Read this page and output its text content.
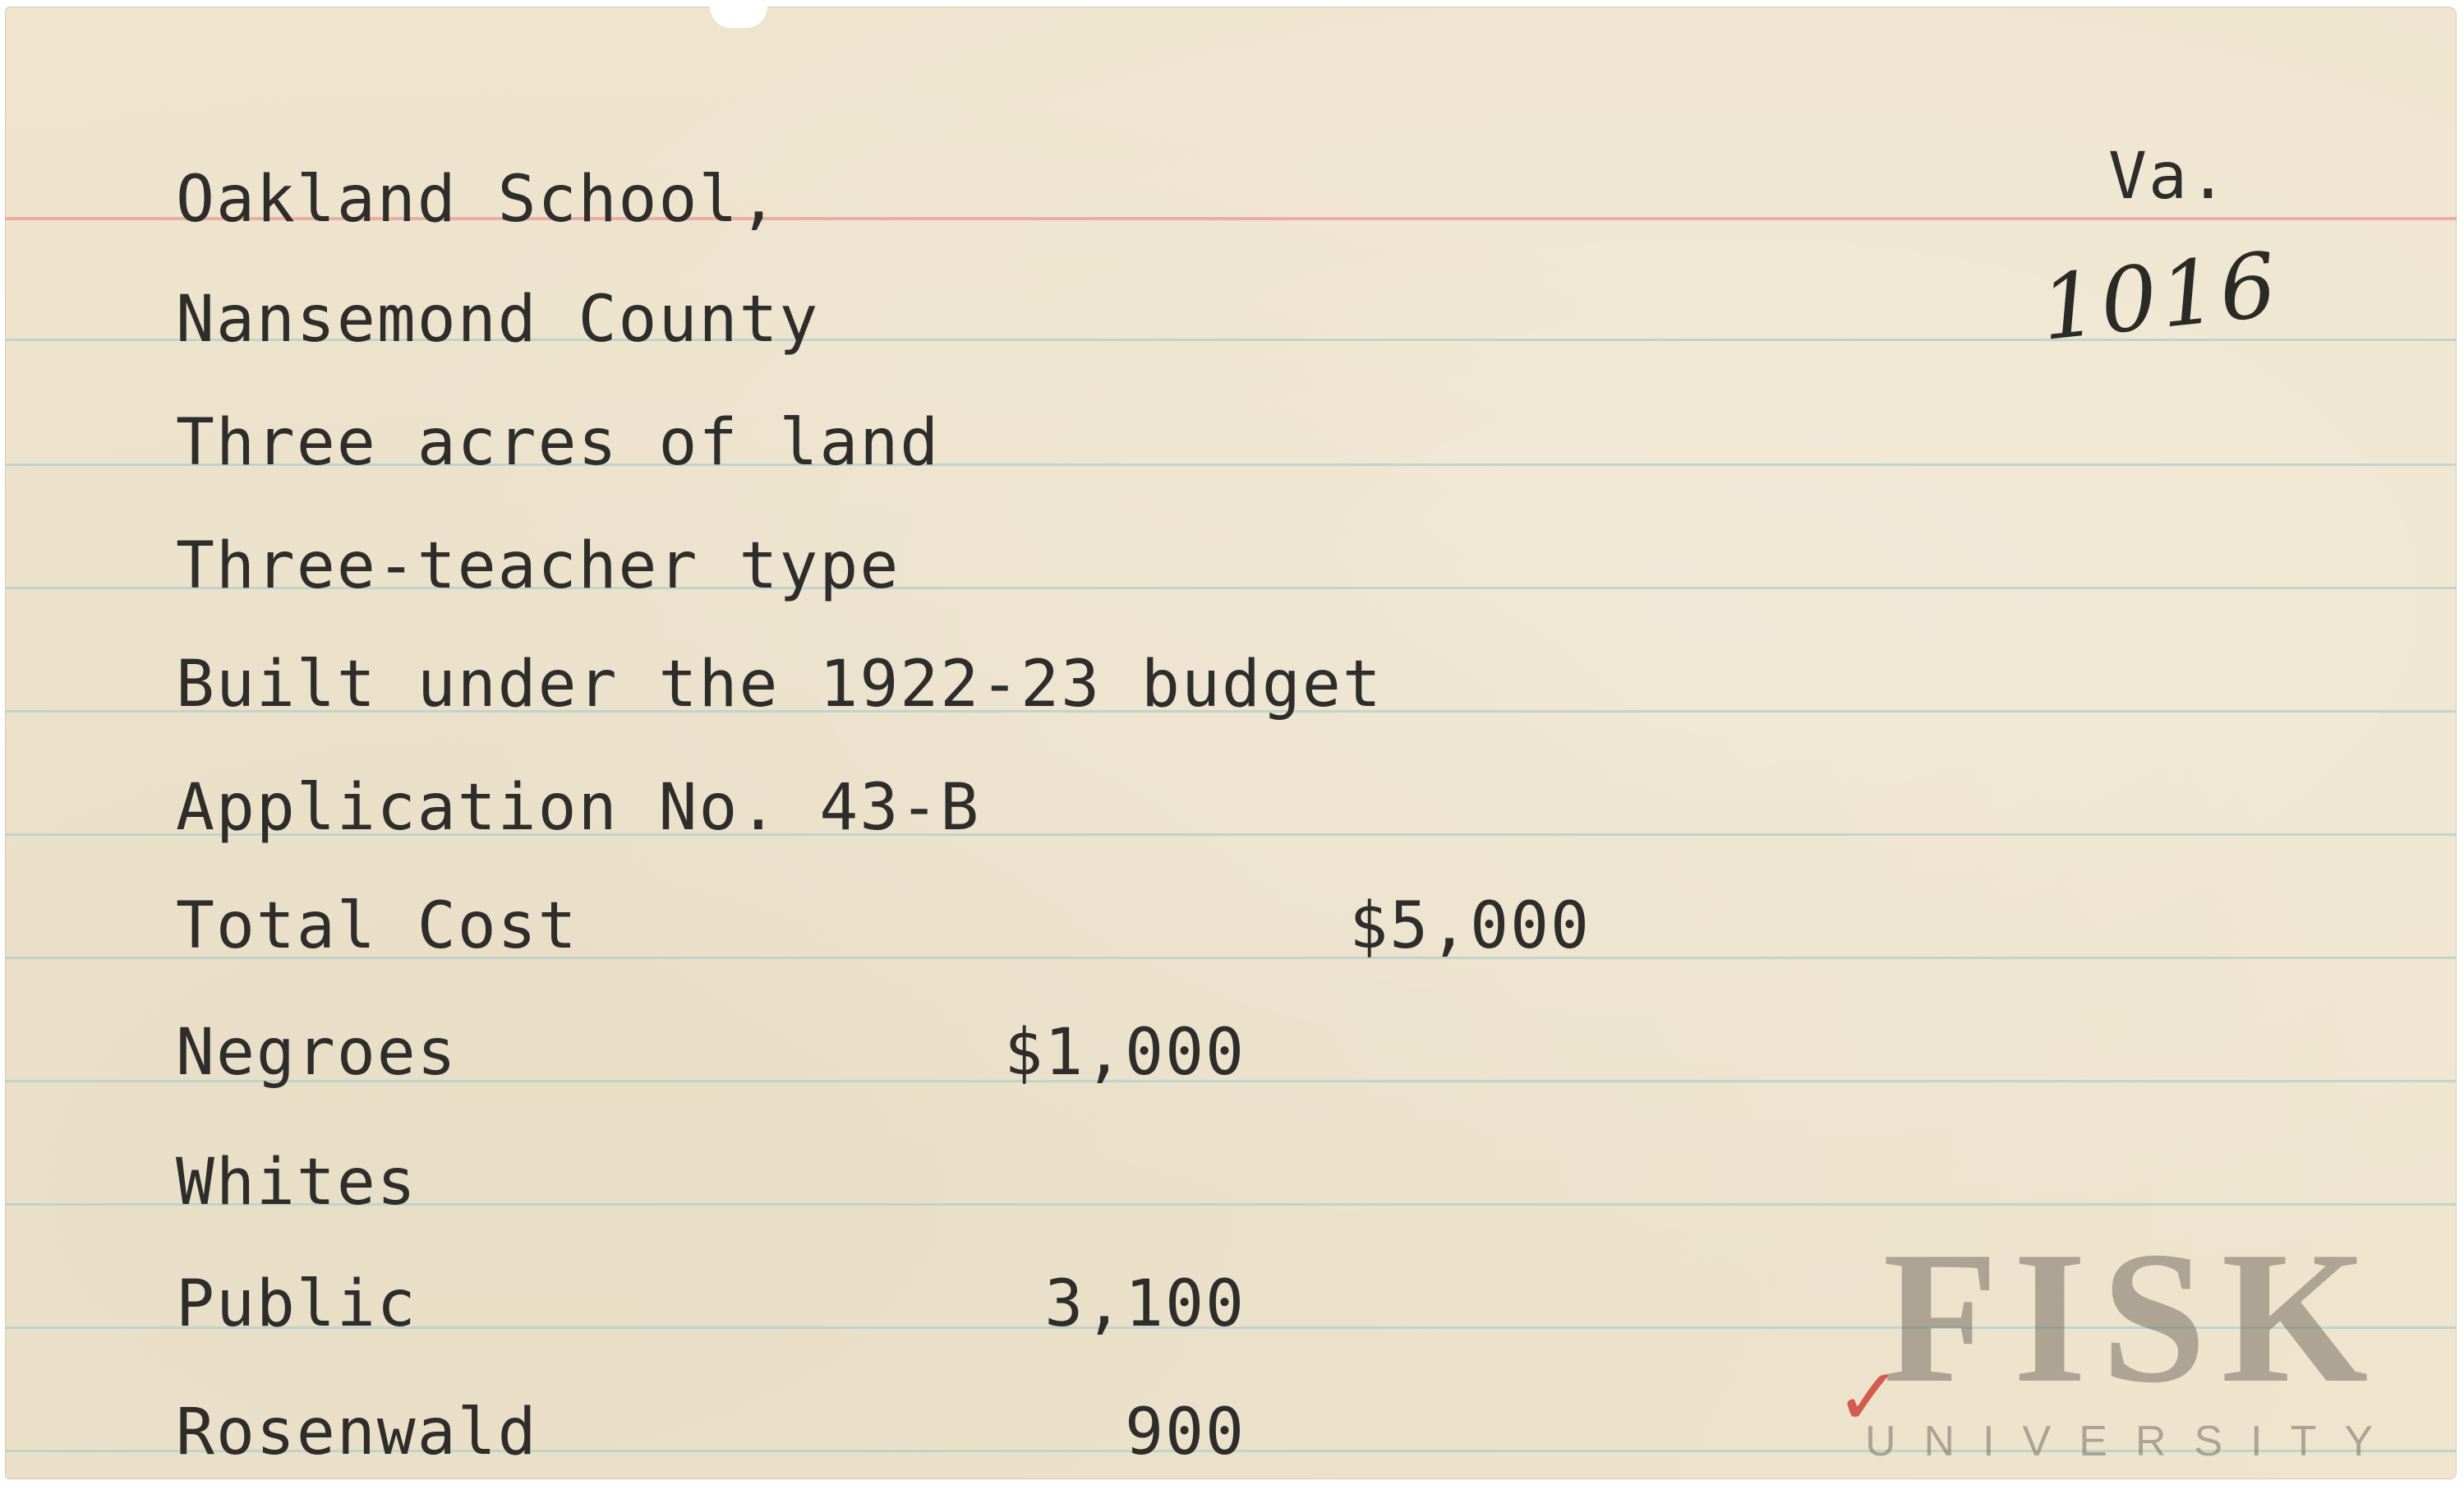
Va.
1016
Oakland School,
Nansemond County
Three acres of land
Three-teacher type
Built under the 1922-23 budget
Application No. 43-B
Total Cost	$5,000
Negroes	$1,000
Whites
Public	3,100
Rosenwald	900	✓
FISK
UNIVERSITY
